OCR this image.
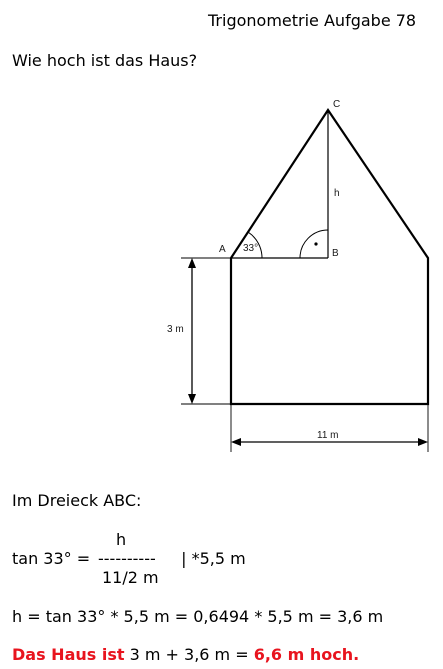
Trigonometrie Aufgabe 78
Wie hoch ist das Haus?
A	B
C
h
33°
3 m
11 m
Im Dreieck ABC:
h
tan 33° = ---------- | *5,5 m
11/2 m
h = tan 33° * 5,5 m = 0,6494 * 5,5 m = 3,6 m
Das Haus ist 3 m + 3,6 m = 6,6 m hoch.
